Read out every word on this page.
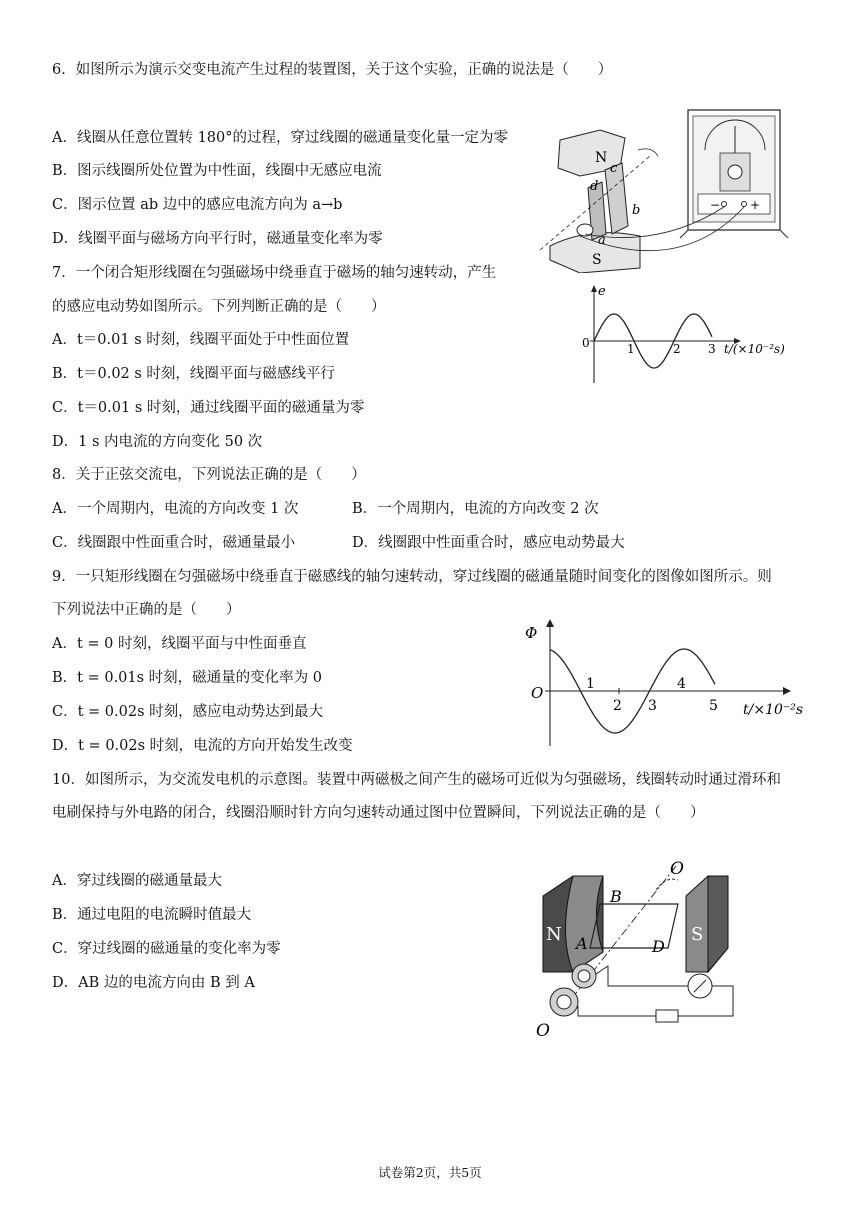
6．如图所示为演示交变电流产生过程的装置图，关于这个实验，正确的说法是（　　）
A．线圈从任意位置转 180°的过程，穿过线圈的磁通量变化量一定为零
B．图示线圈所处位置为中性面，线圈中无感应电流
C．图示位置 ab 边中的感应电流方向为 a→b
D．线圈平面与磁场方向平行时，磁通量变化率为零
7．一个闭合矩形线圈在匀强磁场中绕垂直于磁场的轴匀速转动，产生
的感应电动势如图所示。下列判断正确的是（　　）
A．t＝0.01 s 时刻，线圈平面处于中性面位置
B．t＝0.02 s 时刻，线圈平面与磁感线平行
C．t＝0.01 s 时刻，通过线圈平面的磁通量为零
D．1 s 内电流的方向变化 50 次
8．关于正弦交流电，下列说法正确的是（　　）
A．一个周期内，电流的方向改变 1 次	B．一个周期内，电流的方向改变 2 次
C．线圈跟中性面重合时，磁通量最小	D．线圈跟中性面重合时，感应电动势最大
9．一只矩形线圈在匀强磁场中绕垂直于磁感线的轴匀速转动，穿过线圈的磁通量随时间变化的图像如图所示。则
下列说法中正确的是（　　）
A．t = 0 时刻，线圈平面与中性面垂直
B．t = 0.01s 时刻，磁通量的变化率为 0
C．t = 0.02s 时刻，感应电动势达到最大
D．t = 0.02s 时刻，电流的方向开始发生改变
10．如图所示，为交流发电机的示意图。装置中两磁极之间产生的磁场可近似为匀强磁场，线圈转动时通过滑环和
电刷保持与外电路的闭合，线圈沿顺时针方向匀速转动通过图中位置瞬间，下列说法正确的是（　　）
A．穿过线圈的磁通量最大
B．通过电阻的电流瞬时值最大
C．穿过线圈的磁通量的变化率为零
D．AB 边的电流方向由 B 到 A
− +
N
S
c
d
b
a
e
0	1	2 3 t/(×10⁻²s)
Φ
O	1
2 3
4
5 t/×10⁻²s
N	S
B
A	D
O
O
试卷第2页，共5页
